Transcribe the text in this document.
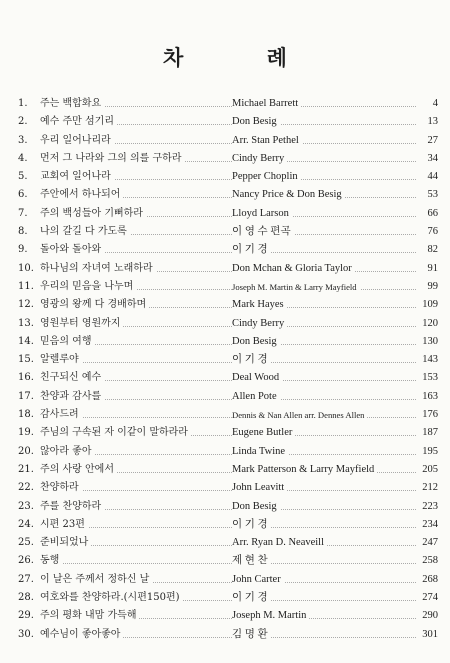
차 례
1.	주는 백합화요	Michael Barrett	4
2.	예수 주만 섬기리	Don Besig	13
3.	우리 일어나리라	Arr. Stan Pethel	27
4.	먼저 그 나라와 그의 의를 구하라	Cindy Berry	34
5.	교회여 일어나라	Pepper Choplin	44
6.	주안에서 하나되어	Nancy Price & Don Besig	53
7.	주의 백성들아 기뻐하라	Lloyd Larson	66
8.	나의 갈길 다 가도록	이 영 수 편곡	76
9.	돌아와 돌아와	이 기 경	82
10. 하나님의 자녀여 노래하라	Don Mchan & Gloria Taylor	91
11. 우리의 믿음을 나누며	Joseph M. Martin & Larry Mayfield	99
12. 영광의 왕께 다 경배하며	Mark Hayes	109
13. 영원부터 영원까지	Cindy Berry	120
14. 믿음의 여행	Don Besig	130
15. 알렐루야	이 기 경	143
16. 친구되신 예수	Deal Wood	153
17. 찬양과 감사를	Allen Pote	163
18. 감사드려	Dennis & Nan Allen arr. Dennes Allen	176
19. 주님의 구속된 자 이같이 말하라라	Eugene Butler	187
20. 않아라 좋아	Linda Twine	195
21. 주의 사랑 안에서	Mark Patterson & Larry Mayfield	205
22. 찬양하라	John Leavitt	212
23. 주를 찬양하라	Don Besig	223
24. 시편 23편	이 기 경	234
25. 준비되었나	Arr. Ryan D. Neaveill	247
26. 동행	제 현 찬	258
27. 이 날은 주께서 정하신 날	John Carter	268
28. 여호와를 찬양하라.(시편150편)	이 기 경	274
29. 주의 평화 내맘 가득해	Joseph M. Martin	290
30. 예수님이 좋아좋아	김 명 환	301
